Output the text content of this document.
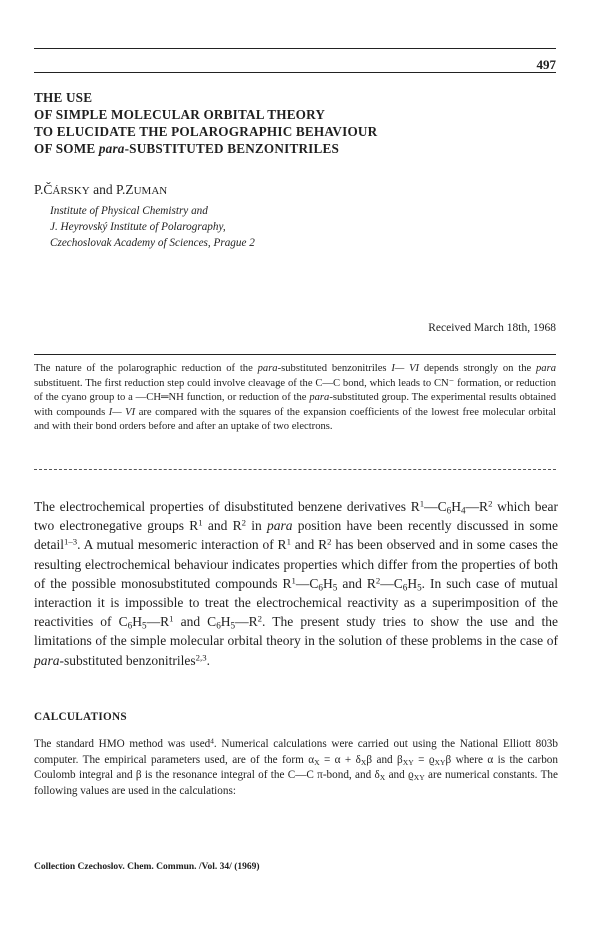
497
THE USE
OF SIMPLE MOLECULAR ORBITAL THEORY
TO ELUCIDATE THE POLAROGRAPHIC BEHAVIOUR
OF SOME para-SUBSTITUTED BENZONITRILES
P.ČÁRSKY and P.ZUMAN
Institute of Physical Chemistry and
J. Heyrovský Institute of Polarography,
Czechoslovak Academy of Sciences, Prague 2
Received March 18th, 1968

The nature of the polarographic reduction of the para-substituted benzonitriles I— VI depends strongly on the para substituent. The first reduction step could involve cleavage of the C—C bond, which leads to CN⁻ formation, or reduction of the cyano group to a —CH═NH function, or reduction of the para-substituted group. The experimental results obtained with compounds I— VI are compared with the squares of the expansion coefficients of the lowest free molecular orbital and with their bond orders before and after an uptake of two electrons.

The electrochemical properties of disubstituted benzene derivatives $R^1—C_6H_4—R^2$ which bear two electronegative groups $R^1$ and $R^2$ in para position have been recently discussed in some detail$^{1-3}$. A mutual mesomeric interaction of $R^1$ and $R^2$ has been observed and in some cases the resulting electrochemical behaviour indicates properties which differ from the properties of both of the possible monosubstituted compounds $R^1—C_6H_5$ and $R^2—C_6H_5$. In such case of mutual interaction it is impossible to treat the electrochemical reactivity as a superimposition of the reactivities of $C_6H_5—R^1$ and $C_6H_5—R^2$. The present study tries to show the use and the limitations of the simple molecular orbital theory in the solution of these problems in the case of para-substituted benzonitriles$^{2,3}$.

CALCULATIONS

The standard HMO method was used$^4$. Numerical calculations were carried out using the National Elliott 803b computer. The empirical parameters used, are of the form $\alpha_X = \alpha + \delta_X\beta$ and $\beta_{XY} = ϱ_{XY}\beta$ where α is the carbon Coulomb integral and β is the resonance integral of the C—C π-bond, and $\delta_X$ and $ϱ_{XY}$ are numerical constants. The following values are used in the calculations:

Collection Czechoslov. Chem. Commun. /Vol. 34/ (1969)
